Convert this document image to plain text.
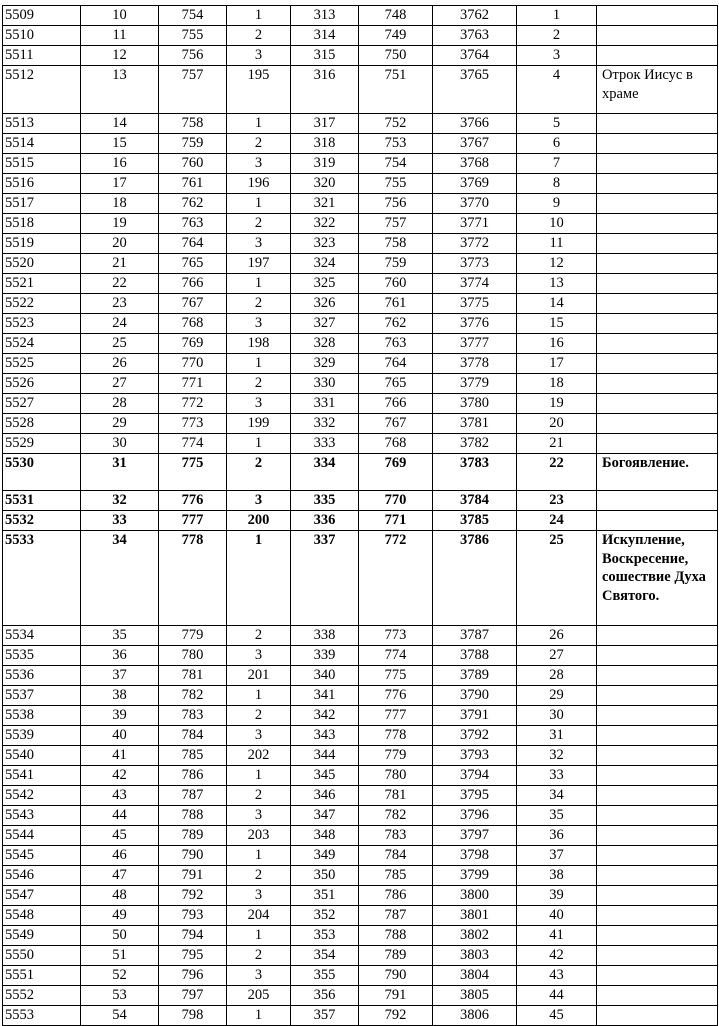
5509	10	754	1	313	748	3762	1	
5510	11	755	2	314	749	3763	2	
5511	12	756	3	315	750	3764	3	
5512	13	757	195	316	751	3765	4	Отрок Иисус в храме
5513	14	758	1	317	752	3766	5	
5514	15	759	2	318	753	3767	6	
5515	16	760	3	319	754	3768	7	
5516	17	761	196	320	755	3769	8	
5517	18	762	1	321	756	3770	9	
5518	19	763	2	322	757	3771	10	
5519	20	764	3	323	758	3772	11	
5520	21	765	197	324	759	3773	12	
5521	22	766	1	325	760	3774	13	
5522	23	767	2	326	761	3775	14	
5523	24	768	3	327	762	3776	15	
5524	25	769	198	328	763	3777	16	
5525	26	770	1	329	764	3778	17	
5526	27	771	2	330	765	3779	18	
5527	28	772	3	331	766	3780	19	
5528	29	773	199	332	767	3781	20	
5529	30	774	1	333	768	3782	21	
5530	31	775	2	334	769	3783	22	Богоявление.
5531	32	776	3	335	770	3784	23	
5532	33	777	200	336	771	3785	24	
5533	34	778	1	337	772	3786	25	Искупление, Воскресение, сошествие Духа Святого.
5534	35	779	2	338	773	3787	26	
5535	36	780	3	339	774	3788	27	
5536	37	781	201	340	775	3789	28	
5537	38	782	1	341	776	3790	29	
5538	39	783	2	342	777	3791	30	
5539	40	784	3	343	778	3792	31	
5540	41	785	202	344	779	3793	32	
5541	42	786	1	345	780	3794	33	
5542	43	787	2	346	781	3795	34	
5543	44	788	3	347	782	3796	35	
5544	45	789	203	348	783	3797	36	
5545	46	790	1	349	784	3798	37	
5546	47	791	2	350	785	3799	38	
5547	48	792	3	351	786	3800	39	
5548	49	793	204	352	787	3801	40	
5549	50	794	1	353	788	3802	41	
5550	51	795	2	354	789	3803	42	
5551	52	796	3	355	790	3804	43	
5552	53	797	205	356	791	3805	44	
5553	54	798	1	357	792	3806	45	
